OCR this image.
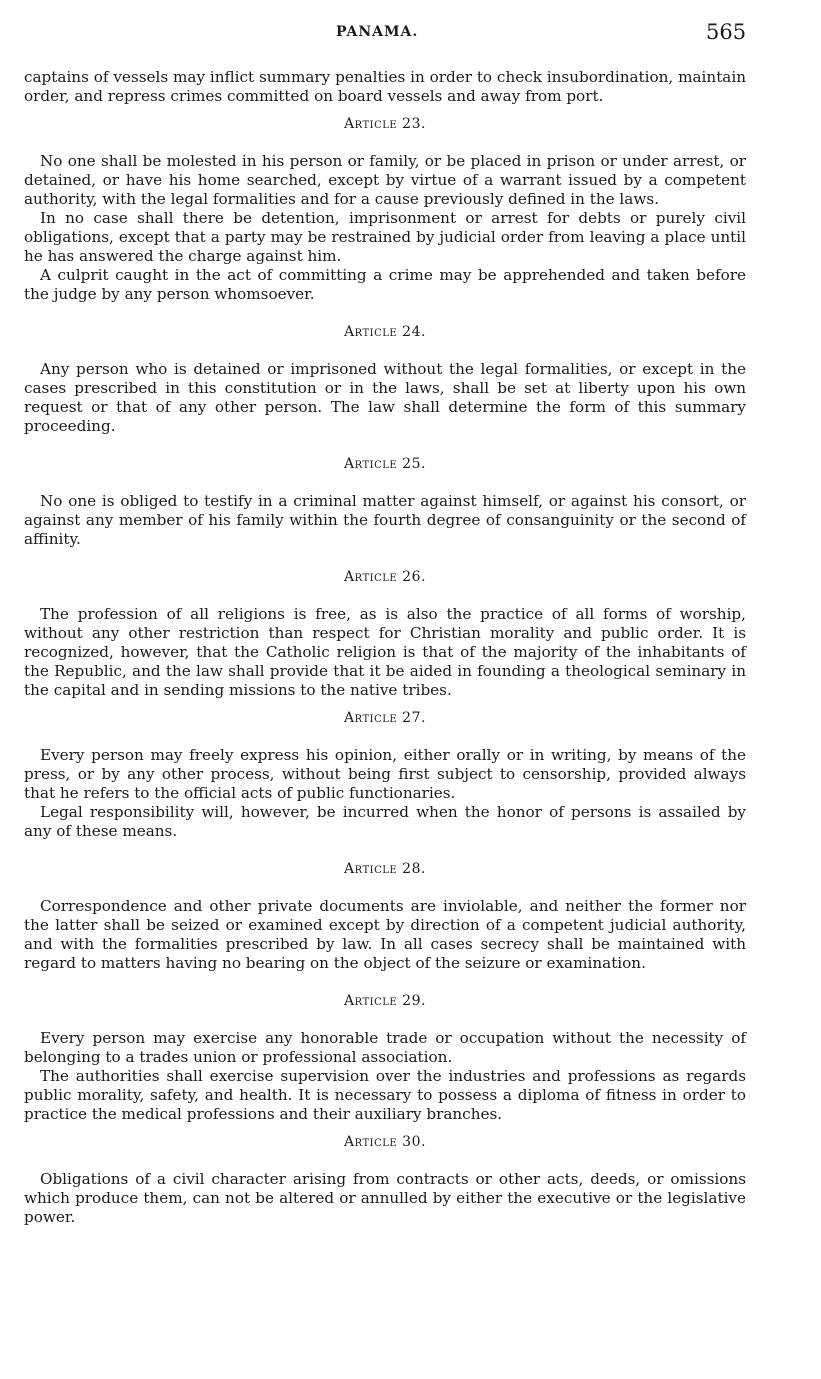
PANAMA.	565

captains of vessels may inflict summary penalties in order to check insubordination, maintain order, and repress crimes committed on board vessels and away from port.

Article 23.

No one shall be molested in his person or family, or be placed in prison or under arrest, or detained, or have his home searched, except by virtue of a warrant issued by a competent authority, with the legal formalities and for a cause previously defined in the laws.

In no case shall there be detention, imprisonment or arrest for debts or purely civil obligations, except that a party may be restrained by judicial order from leaving a place until he has answered the charge against him.

A culprit caught in the act of committing a crime may be apprehended and taken before the judge by any person whomsoever.

Article 24.

Any person who is detained or imprisoned without the legal formalities, or except in the cases prescribed in this constitution or in the laws, shall be set at liberty upon his own request or that of any other person. The law shall determine the form of this summary proceeding.

Article 25.

No one is obliged to testify in a criminal matter against himself, or against his consort, or against any member of his family within the fourth degree of consanguinity or the second of affinity.

Article 26.

The profession of all religions is free, as is also the practice of all forms of worship, without any other restriction than respect for Christian morality and public order. It is recognized, however, that the Catholic religion is that of the majority of the inhabitants of the Republic, and the law shall provide that it be aided in founding a theological seminary in the capital and in sending missions to the native tribes.

Article 27.

Every person may freely express his opinion, either orally or in writing, by means of the press, or by any other process, without being first subject to censorship, provided always that he refers to the official acts of public functionaries.

Legal responsibility will, however, be incurred when the honor of persons is assailed by any of these means.

Article 28.

Correspondence and other private documents are inviolable, and neither the former nor the latter shall be seized or examined except by direction of a competent judicial authority, and with the formalities prescribed by law. In all cases secrecy shall be maintained with regard to matters having no bearing on the object of the seizure or examination.

Article 29.

Every person may exercise any honorable trade or occupation without the necessity of belonging to a trades union or professional association.

The authorities shall exercise supervision over the industries and professions as regards public morality, safety, and health. It is necessary to possess a diploma of fitness in order to practice the medical professions and their auxiliary branches.

Article 30.

Obligations of a civil character arising from contracts or other acts, deeds, or omissions which produce them, can not be altered or annulled by either the executive or the legislative power.
